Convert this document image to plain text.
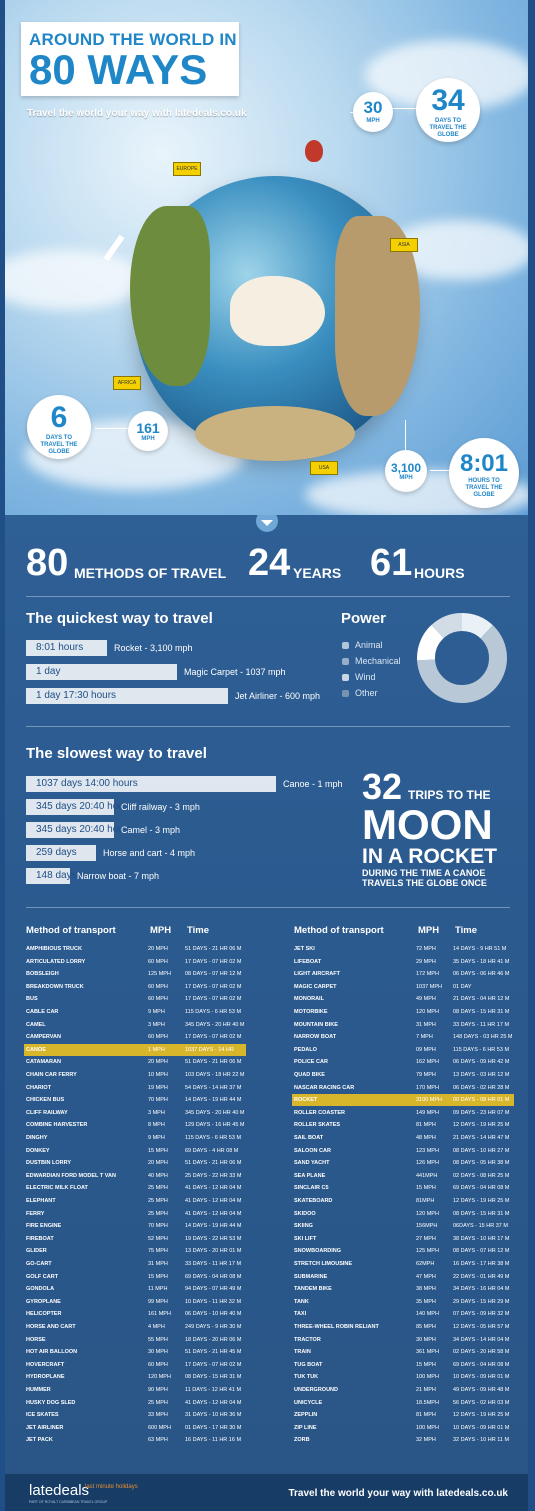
AROUND THE WORLD IN
80 WAYS
Travel the world your way with latedeals.co.uk
EUROPE
ASIA
AFRICA
USA
30
MPH
34
DAYS TO TRAVEL THE GLOBE
6
DAYS TO TRAVEL THE GLOBE
161
MPH
3,100
MPH
8:01
HOURS TO TRAVEL THE GLOBE
80 METHODS OF TRAVEL 24 YEARS 61 HOURS
The quickest way to travel
8:01 hours	Rocket - 3,100 mph
1 day	Magic Carpet - 1037 mph
1 day 17:30 hours	Jet Airliner - 600 mph
Power
Animal
Mechanical
Wind
Other
The slowest way to travel
1037 days 14:00 hours	Canoe - 1 mph
345 days 20:40 hours
Cliff railway - 3 mph
345 days 20:40 hours
Camel - 3 mph
259 days	Horse and cart - 4 mph
148 days Narrow boat - 7 mph
32 TRIPS TO THE
MOON
IN A ROCKET
DURING THE TIME A CANOE
TRAVELS THE GLOBE ONCE
Method of transport	MPH Time	Method of transport	MPH Time
AMPHIBIOUS TRUCK	20 MPH	51 DAYS - 21 HR 06 M
ARTICULATED LORRY	60 MPH	17 DAYS - 07 HR 02 M
BOBSLEIGH	125 MPH	08 DAYS - 07 HR 12 M
BREAKDOWN TRUCK	60 MPH	17 DAYS - 07 HR 02 M
BUS	60 MPH	17 DAYS - 07 HR 02 M
CABLE CAR	9 MPH	115 DAYS - 6 HR 53 M
CAMEL	3 MPH	345 DAYS - 20 HR 40 M
CAMPERVAN	60 MPH	17 DAYS - 07 HR 02 M
CANOE	1 MPH	1037 DAYS - 14 HR
CATAMARAN	20 MPH	51 DAYS - 21 HR 06 M
CHAIN CAR FERRY	10 MPH	103 DAYS - 18 HR 22 M
CHARIOT	19 MPH	54 DAYS - 14 HR 37 M
CHICKEN BUS	70 MPH	14 DAYS - 19 HR 44 M
CLIFF RAILWAY	3 MPH	345 DAYS - 20 HR 40 M
COMBINE HARVESTER	8 MPH	129 DAYS - 16 HR 45 M
DINGHY	9 MPH	115 DAYS - 6 HR 53 M
DONKEY	15 MPH	69 DAYS - 4 HR 08 M
DUSTBIN LORRY	20 MPH	51 DAYS - 21 HR 06 M
EDWARDIAN FORD MODEL T VAN	40 MPH	25 DAYS - 22 HR 33 M
ELECTRIC MILK FLOAT	25 MPH	41 DAYS - 12 HR 04 M
ELEPHANT	25 MPH	41 DAYS - 12 HR 04 M
FERRY	25 MPH	41 DAYS - 12 HR 04 M
FIRE ENGINE	70 MPH	14 DAYS - 19 HR 44 M
FIREBOAT	52 MPH	19 DAYS - 22 HR 53 M
GLIDER	75 MPH	13 DAYS - 20 HR 01 M
GO-CART	31 MPH	33 DAYS - 11 HR 17 M
GOLF CART	15 MPH	69 DAYS - 04 HR 08 M
GONDOLA	11 MPH	94 DAYS - 07 HR 49 M
GYROPLANE	99 MPH	10 DAYS - 11 HR 32 M
HELICOPTER	161 MPH	06 DAYS - 10 HR 40 M
HORSE AND CART	4 MPH	249 DAYS - 9 HR 30 M
HORSE	55 MPH	18 DAYS - 20 HR 06 M
HOT AIR BALLOON	30 MPH	51 DAYS - 21 HR 45 M
HOVERCRAFT	60 MPH	17 DAYS - 07 HR 02 M
HYDROPLANE	120 MPH	08 DAYS - 15 HR 31 M
HUMMER	90 MPH	11 DAYS - 12 HR 41 M
HUSKY DOG SLED	25 MPH	41 DAYS - 12 HR 04 M
ICE SKATES	33 MPH	31 DAYS - 10 HR 36 M
JET AIRLINER	600 MPH	01 DAYS - 17 HR 30 M
JET PACK	63 MPH	16 DAYS - 11 HR 16 M
JET SKI	72 MPH	14 DAYS - 9 HR 51 M
LIFEBOAT	29 MPH	35 DAYS - 18 HR 41 M
LIGHT AIRCRAFT	172 MPH	06 DAYS - 06 HR 46 M
MAGIC CARPET	1037 MPH 01 DAY
MONORAIL	49 MPH	21 DAYS - 04 HR 12 M
MOTORBIKE	120 MPH	08 DAYS - 15 HR 31 M
MOUNTAIN BIKE	31 MPH	33 DAYS - 11 HR 17 M
NARROW BOAT	7 MPH	148 DAYS - 03 HR 25 M
PEDALO	09 MPH	115 DAYS - 6 HR 53 M
POLICE CAR	162 MPH	06 DAYS - 09 HR 42 M
QUAD BIKE	79 MPH	13 DAYS - 03 HR 12 M
NASCAR RACING CAR	170 MPH	06 DAYS - 02 HR 28 M
ROCKET	3100 MPH 00 DAYS - 08 HR 01 M
ROLLER COASTER	149 MPH	09 DAYS - 23 HR 07 M
ROLLER SKATES	81 MPH	12 DAYS - 19 HR 25 M
SAIL BOAT	48 MPH	21 DAYS - 14 HR 47 M
SALOON CAR	123 MPH	08 DAYS - 10 HR 27 M
SAND YACHT	126 MPH	08 DAYS - 05 HR 38 M
SEA PLANE	441MPH	02 DAYS - 08 HR 25 M
SINCLAIR C5	15 MPH	69 DAYS - 04 HR 08 M
SKATEBOARD	81MPH	12 DAYS - 19 HR 25 M
SKIDOO	120 MPH	08 DAYS - 15 HR 31 M
SKIING	156MPH	06DAYS - 15 HR 37 M
SKI LIFT	27 MPH	38 DAYS - 10 HR 17 M
SNOWBOARDING	125 MPH	08 DAYS - 07 HR 12 M
STRETCH LIMOUSINE	62MPH	16 DAYS - 17 HR 38 M
SUBMARINE	47 MPH	22 DAYS - 01 HR 49 M
TANDEM BIKE	38 MPH	34 DAYS - 16 HR 04 M
TANK	35 MPH	29 DAYS - 15 HR 29 M
TAXI	140 MPH	07 DAYS - 09 HR 32 M
THREE-WHEEL ROBIN RELIANT	85 MPH	12 DAYS - 05 HR 57 M
TRACTOR	30 MPH	34 DAYS - 14 HR 04 M
TRAIN	361 MPH	02 DAYS - 20 HR 58 M
TUG BOAT	15 MPH	69 DAYS - 04 HR 08 M
TUK TUK	100 MPH	10 DAYS - 09 HR 01 M
UNDERGROUND	21 MPH	49 DAYS - 09 HR 48 M
UNICYCLE	18.5MPH	56 DAYS - 02 HR 03 M
ZEPPLIN	81 MPH	12 DAYS - 19 HR 25 M
ZIP LINE	100 MPH	10 DAYS - 09 HR 01 M
ZORB	32 MPH	32 DAYS - 10 HR 11 M
latedeals
last minute holidays
PART OF ROYALT CARIBBEAN TRAVEL GROUP
Travel the world your way with latedeals.co.uk
